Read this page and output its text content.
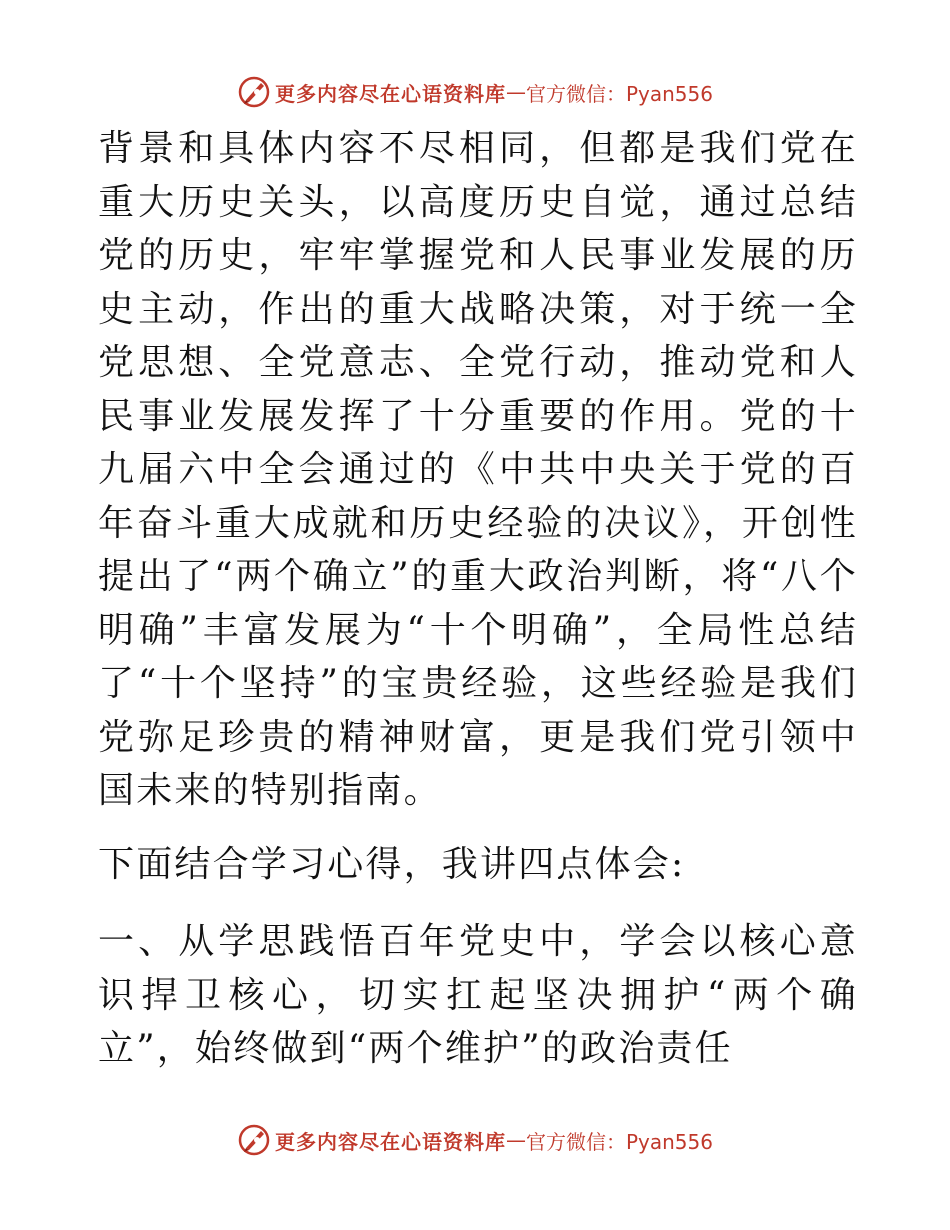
更多内容尽在心语资料库 — 官方微信：Pyan556

背景和具体内容不尽相同，但都是我们党在重大历史关头，以高度历史自觉，通过总结党的历史，牢牢掌握党和人民事业发展的历史主动，作出的重大战略决策，对于统一全党思想、全党意志、全党行动，推动党和人民事业发展发挥了十分重要的作用。党的十九届六中全会通过的《中共中央关于党的百年奋斗重大成就和历史经验的决议》，开创性提出了“两个确立”的重大政治判断，将“八个明确”丰富发展为“十个明确”，全局性总结了“十个坚持”的宝贵经验，这些经验是我们党弥足珍贵的精神财富，更是我们党引领中国未来的特别指南。

下面结合学习心得，我讲四点体会:

一、从学思践悟百年党史中，学会以核心意识捍卫核心，切实扛起坚决拥护“两个确立”，始终做到“两个维护”的政治责任

更多内容尽在心语资料库 — 官方微信：Pyan556
